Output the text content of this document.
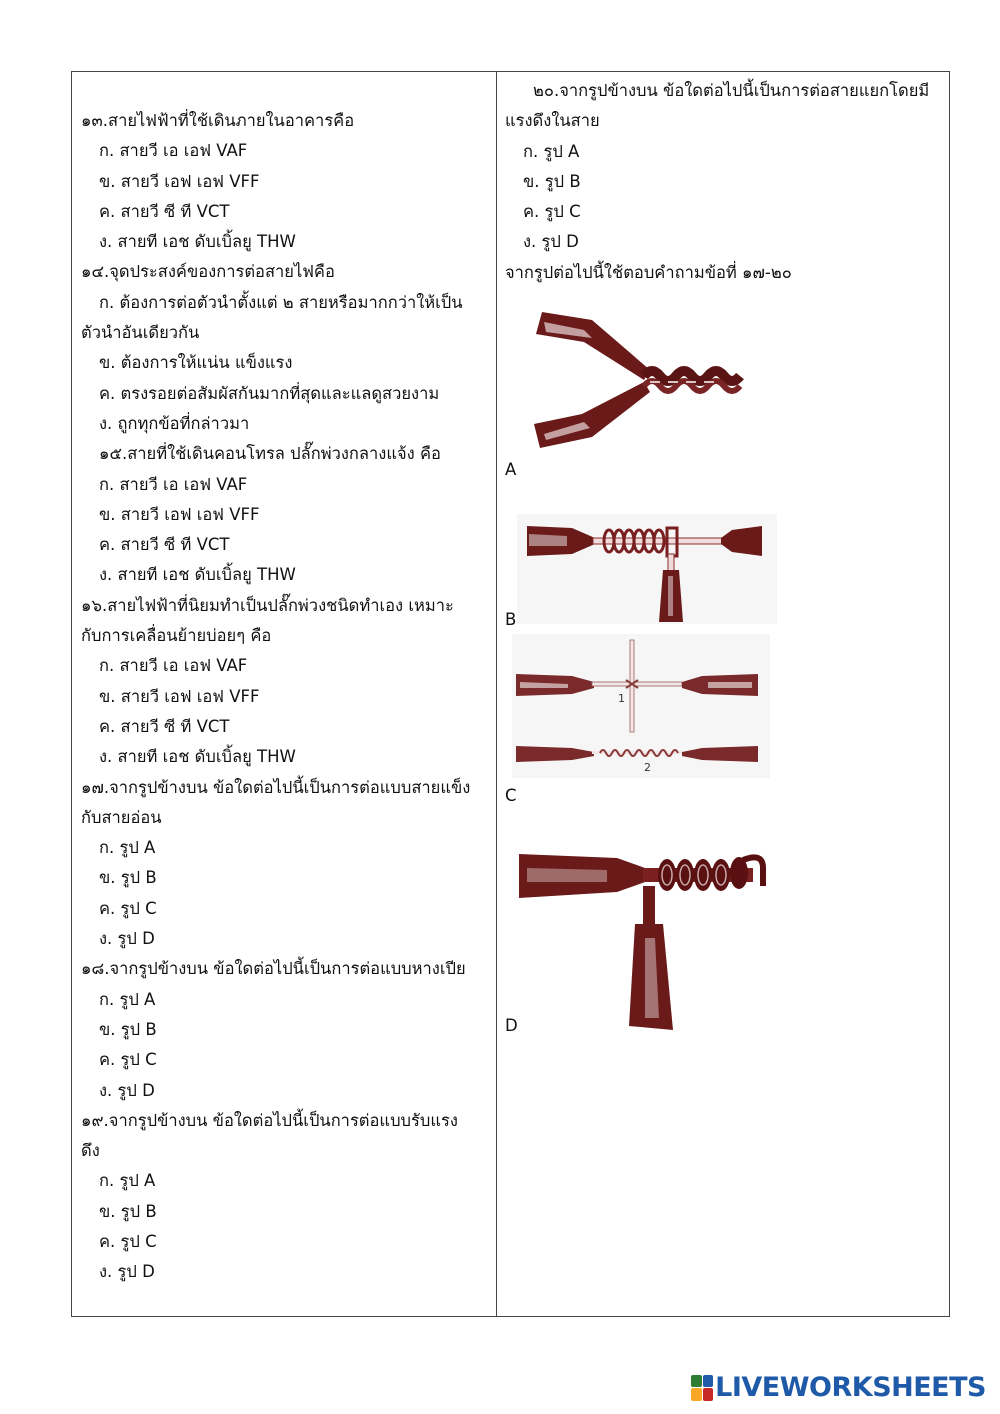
๑๓.สายไฟฟ้าที่ใช้เดินภายในอาคารคือ
ก. สายวี เอ เอฟ VAF
ข. สายวี เอฟ เอฟ VFF
ค. สายวี ซี ที VCT
ง. สายที เอช ดับเบิ้ลยู THW
๑๔.จุดประสงค์ของการต่อสายไฟคือ
ก. ต้องการต่อตัวนำตั้งแต่ ๒ สายหรือมากกว่าให้เป็น
ตัวนำอันเดียวกัน
ข. ต้องการให้แน่น แข็งแรง
ค. ตรงรอยต่อสัมผัสกันมากที่สุดและแลดูสวยงาม
ง. ถูกทุกข้อที่กล่าวมา
๑๕.สายที่ใช้เดินคอนโทรล ปลั๊กพ่วงกลางแจ้ง คือ
ก. สายวี เอ เอฟ VAF
ข. สายวี เอฟ เอฟ VFF
ค. สายวี ซี ที VCT
ง. สายที เอช ดับเบิ้ลยู THW
๑๖.สายไฟฟ้าที่นิยมทำเป็นปลั๊กพ่วงชนิดทำเอง เหมาะ
กับการเคลื่อนย้ายบ่อยๆ คือ
ก. สายวี เอ เอฟ VAF
ข. สายวี เอฟ เอฟ VFF
ค. สายวี ซี ที VCT
ง. สายที เอช ดับเบิ้ลยู THW
๑๗.จากรูปข้างบน ข้อใดต่อไปนี้เป็นการต่อแบบสายแข็ง
กับสายอ่อน
ก. รูป A
ข. รูป B
ค. รูป C
ง. รูป D
๑๘.จากรูปข้างบน ข้อใดต่อไปนี้เป็นการต่อแบบหางเปีย
ก. รูป A
ข. รูป B
ค. รูป C
ง. รูป D
๑๙.จากรูปข้างบน ข้อใดต่อไปนี้เป็นการต่อแบบรับแรง
ดึง
ก. รูป A
ข. รูป B
ค. รูป C
ง. รูป D
๒๐.จากรูปข้างบน ข้อใดต่อไปนี้เป็นการต่อสายแยกโดยมี
แรงดึงในสาย
ก. รูป A
ข. รูป B
ค. รูป C
ง. รูป D
จากรูปต่อไปนี้ใช้ตอบคำถามข้อที่ ๑๗-๒๐
A
B
1
2
C
D
LIVEWORKSHEETS
